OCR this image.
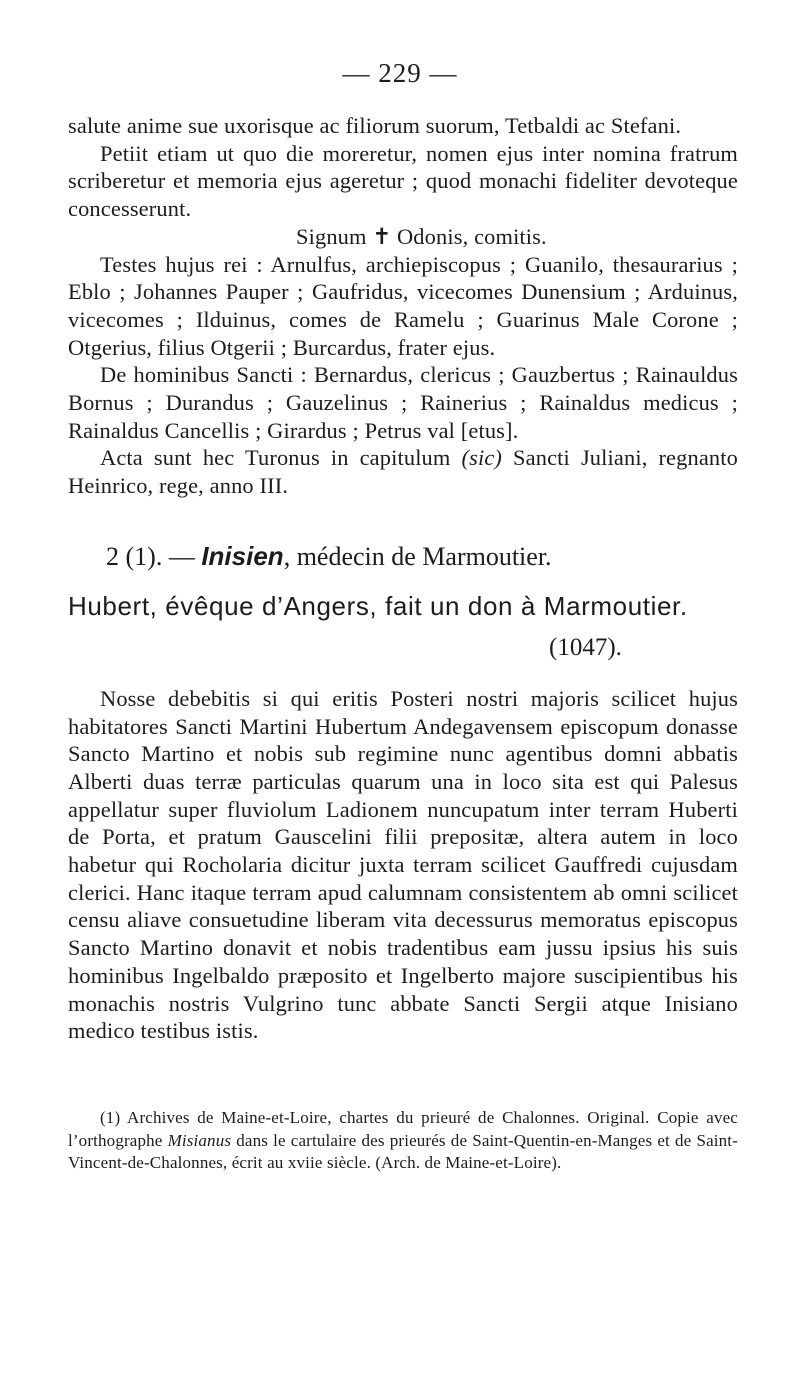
— 229 —

salute anime sue uxorisque ac filiorum suorum, Tetbaldi ac Stefani.

Petiit etiam ut quo die moreretur, nomen ejus inter nomina fratrum scriberetur et memoria ejus ageretur ; quod monachi fideliter devoteque concesserunt.

Signum ✝ Odonis, comitis.

Testes hujus rei : Arnulfus, archiepiscopus ; Guanilo, thesaurarius ; Eblo ; Johannes Pauper ; Gaufridus, vicecomes Dunensium ; Arduinus, vicecomes ; Ilduinus, comes de Ramelu ; Guarinus Male Corone ; Otgerius, filius Otgerii ; Burcardus, frater ejus.

De hominibus Sancti : Bernardus, clericus ; Gauzbertus ; Rainauldus Bornus ; Durandus ; Gauzelinus ; Rainerius ; Rainaldus medicus ; Rainaldus Cancellis ; Girardus ; Petrus val [etus].

Acta sunt hec Turonus in capitulum (sic) Sancti Juliani, regnanto Heinrico, rege, anno III.

2 (1). — Inisien, médecin de Marmoutier.

Hubert, évêque d’Angers, fait un don à Marmoutier.

(1047).

Nosse debebitis si qui eritis Posteri nostri majoris scilicet hujus habitatores Sancti Martini Hubertum Andegavensem episcopum donasse Sancto Martino et nobis sub regimine nunc agentibus domni abbatis Alberti duas terræ particulas quarum una in loco sita est qui Palesus appellatur super fluviolum Ladionem nuncupatum inter terram Huberti de Porta, et pratum Gauscelini filii prepositæ, altera autem in loco habetur qui Rocholaria dicitur juxta terram scilicet Gauffredi cujusdam clerici. Hanc itaque terram apud calumnam consistentem ab omni scilicet censu aliave consuetudine liberam vita decessurus memoratus episcopus Sancto Martino donavit et nobis tradentibus eam jussu ipsius his suis hominibus Ingelbaldo præposito et Ingelberto majore suscipientibus his monachis nostris Vulgrino tunc abbate Sancti Sergii atque Inisiano medico testibus istis.

(1) Archives de Maine-et-Loire, chartes du prieuré de Chalonnes. Original. Copie avec l’orthographe Misianus dans le cartulaire des prieurés de Saint-Quentin-en-Manges et de Saint-Vincent-de-Chalonnes, écrit au xviie siècle. (Arch. de Maine-et-Loire).
